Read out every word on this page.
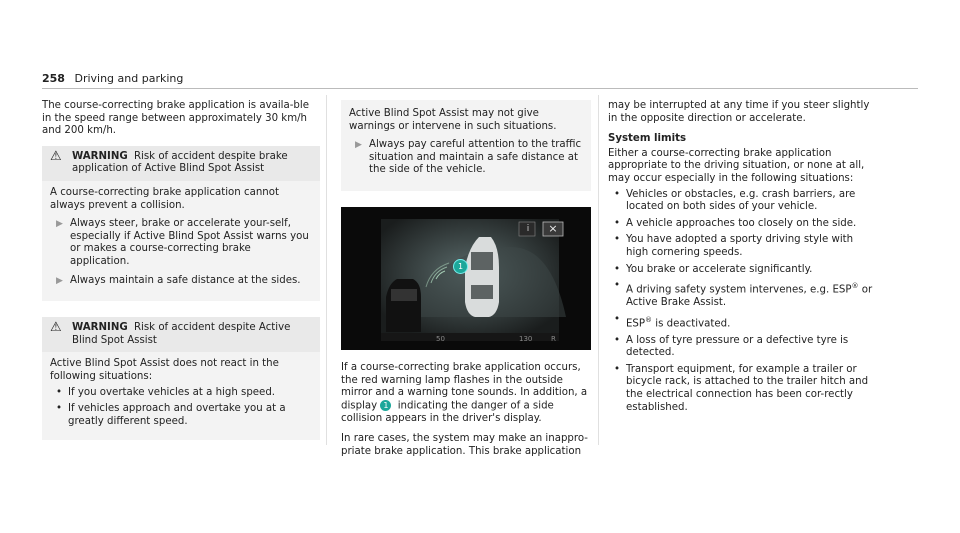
258 Driving and parking

The course-correcting brake application is availa-ble in the speed range between approximately 30 km/h and 200 km/h.

⚠ WARNING Risk of accident despite brake application of Active Blind Spot Assist
A course-correcting brake application cannot always prevent a collision.
▶ Always steer, brake or accelerate your-self, especially if Active Blind Spot Assist warns you or makes a course-correcting brake application.
▶ Always maintain a safe distance at the sides.
⚠ WARNING Risk of accident despite Active Blind Spot Assist
Active Blind Spot Assist does not react in the following situations:
• If you overtake vehicles at a high speed.
• If vehicles approach and overtake you at a greatly different speed.
Active Blind Spot Assist may not give warnings or intervene in such situations.
▶ Always pay careful attention to the traffic situation and maintain a safe distance at the side of the vehicle.
i	×
1
50	130	R

If a course-correcting brake application occurs, the red warning lamp flashes in the outside mirror and a warning tone sounds. In addition, a display 1 indicating the danger of a side collision appears in the driver's display.

In rare cases, the system may make an inappro-priate brake application. This brake application

may be interrupted at any time if you steer slightly in the opposite direction or accelerate.

System limits

Either a course-correcting brake application appropriate to the driving situation, or none at all, may occur especially in the following situations:

• Vehicles or obstacles, e.g. crash barriers, are located on both sides of your vehicle.
• A vehicle approaches too closely on the side.
• You have adopted a sporty driving style with high cornering speeds.
• You brake or accelerate significantly.
• A driving safety system intervenes, e.g. ESP® or Active Brake Assist.
• ESP® is deactivated.
• A loss of tyre pressure or a defective tyre is detected.
• Transport equipment, for example a trailer or bicycle rack, is attached to the trailer hitch and the electrical connection has been cor-rectly established.
